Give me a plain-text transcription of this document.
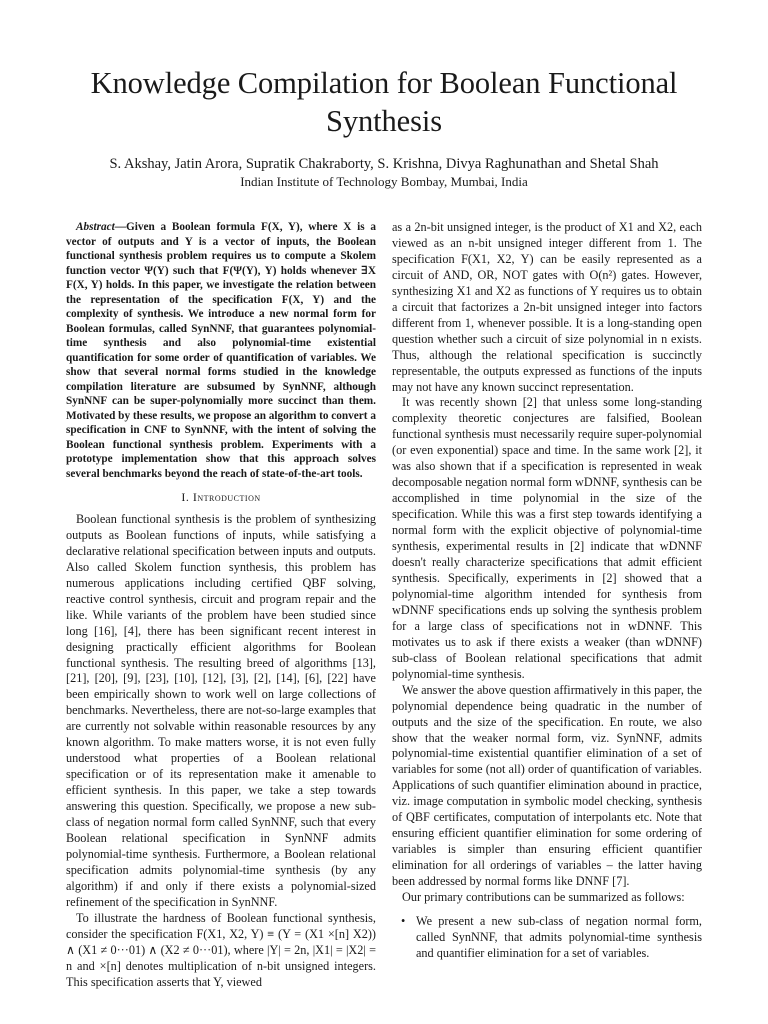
Knowledge Compilation for Boolean Functional Synthesis
S. Akshay, Jatin Arora, Supratik Chakraborty, S. Krishna, Divya Raghunathan and Shetal Shah
Indian Institute of Technology Bombay, Mumbai, India

Abstract—Given a Boolean formula F(X, Y), where X is a vector of outputs and Y is a vector of inputs, the Boolean functional synthesis problem requires us to compute a Skolem function vector Ψ(Y) such that F(Ψ(Y), Y) holds whenever ∃X F(X, Y) holds. In this paper, we investigate the relation between the representation of the specification F(X, Y) and the complexity of synthesis. We introduce a new normal form for Boolean formulas, called SynNNF, that guarantees polynomial-time synthesis and also polynomial-time existential quantification for some order of quantification of variables. We show that several normal forms studied in the knowledge compilation literature are subsumed by SynNNF, although SynNNF can be super-polynomially more succinct than them. Motivated by these results, we propose an algorithm to convert a specification in CNF to SynNNF, with the intent of solving the Boolean functional synthesis problem. Experiments with a prototype implementation show that this approach solves several benchmarks beyond the reach of state-of-the-art tools.

I. Introduction

Boolean functional synthesis is the problem of synthesizing outputs as Boolean functions of inputs, while satisfying a declarative relational specification between inputs and outputs. Also called Skolem function synthesis, this problem has numerous applications including certified QBF solving, reactive control synthesis, circuit and program repair and the like. While variants of the problem have been studied since long [16], [4], there has been significant recent interest in designing practically efficient algorithms for Boolean functional synthesis. The resulting breed of algorithms [13], [21], [20], [9], [23], [10], [12], [3], [2], [14], [6], [22] have been empirically shown to work well on large collections of benchmarks. Nevertheless, there are not-so-large examples that are currently not solvable within reasonable resources by any known algorithm. To make matters worse, it is not even fully understood what properties of a Boolean relational specification or of its representation make it amenable to efficient synthesis. In this paper, we take a step towards answering this question. Specifically, we propose a new sub-class of negation normal form called SynNNF, such that every Boolean relational specification in SynNNF admits polynomial-time synthesis. Furthermore, a Boolean relational specification admits polynomial-time synthesis (by any algorithm) if and only if there exists a polynomial-sized refinement of the specification in SynNNF.

To illustrate the hardness of Boolean functional synthesis, consider the specification F(X1, X2, Y) ≡ (Y = (X1 ×[n] X2)) ∧ (X1 ≠ 0···01) ∧ (X2 ≠ 0···01), where |Y| = 2n, |X1| = |X2| = n and ×[n] denotes multiplication of n-bit unsigned integers. This specification asserts that Y, viewed

as a 2n-bit unsigned integer, is the product of X1 and X2, each viewed as an n-bit unsigned integer different from 1. The specification F(X1, X2, Y) can be easily represented as a circuit of AND, OR, NOT gates with O(n²) gates. However, synthesizing X1 and X2 as functions of Y requires us to obtain a circuit that factorizes a 2n-bit unsigned integer into factors different from 1, whenever possible. It is a long-standing open question whether such a circuit of size polynomial in n exists. Thus, although the relational specification is succinctly representable, the outputs expressed as functions of the inputs may not have any known succinct representation.

It was recently shown [2] that unless some long-standing complexity theoretic conjectures are falsified, Boolean functional synthesis must necessarily require super-polynomial (or even exponential) space and time. In the same work [2], it was also shown that if a specification is represented in weak decomposable negation normal form wDNNF, synthesis can be accomplished in time polynomial in the size of the specification. While this was a first step towards identifying a normal form with the explicit objective of polynomial-time synthesis, experimental results in [2] indicate that wDNNF doesn't really characterize specifications that admit efficient synthesis. Specifically, experiments in [2] showed that a polynomial-time algorithm intended for synthesis from wDNNF specifications ends up solving the synthesis problem for a large class of specifications not in wDNNF. This motivates us to ask if there exists a weaker (than wDNNF) sub-class of Boolean relational specifications that admit polynomial-time synthesis.

We answer the above question affirmatively in this paper, the polynomial dependence being quadratic in the number of outputs and the size of the specification. En route, we also show that the weaker normal form, viz. SynNNF, admits polynomial-time existential quantifier elimination of a set of variables for some (not all) order of quantification of variables. Applications of such quantifier elimination abound in practice, viz. image computation in symbolic model checking, synthesis of QBF certificates, computation of interpolants etc. Note that ensuring efficient quantifier elimination for some ordering of variables is simpler than ensuring efficient quantifier elimination for all orderings of variables – the latter having been addressed by normal forms like DNNF [7].

Our primary contributions can be summarized as follows:

• We present a new sub-class of negation normal form, called SynNNF, that admits polynomial-time synthesis and quantifier elimination for a set of variables.
